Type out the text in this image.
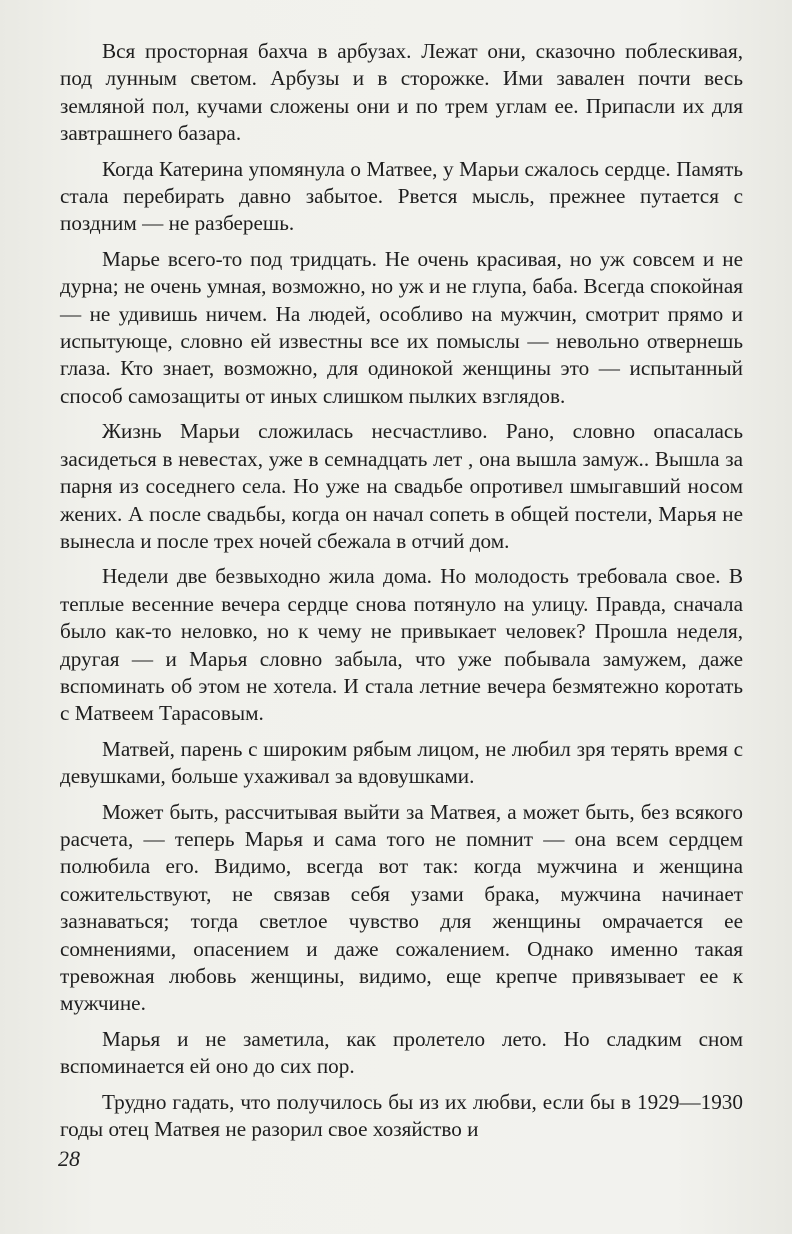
Вся просторная бахча в арбузах. Лежат они, сказочно поблескивая, под лунным светом. Арбузы и в сторожке. Ими завален почти весь земляной пол, кучами сложены они и по трем углам ее. Припасли их для завтрашнего базара.

Когда Катерина упомянула о Матвее, у Марьи сжалось сердце. Память стала перебирать давно забытое. Рвется мысль, прежнее путается с поздним — не разберешь.

Марье всего-то под тридцать. Не очень красивая, но уж совсем и не дурна; не очень умная, возможно, но уж и не глупа, баба. Всегда спокойная — не удивишь ничем. На людей, особливо на мужчин, смотрит прямо и испытующе, словно ей известны все их помыслы — невольно отвернешь глаза. Кто знает, возможно, для одинокой женщины это — испытанный способ самозащиты от иных слишком пылких взглядов.

Жизнь Марьи сложилась несчастливо. Рано, словно опасалась засидеться в невестах, уже в семнадцать лет , она вышла замуж.. Вышла за парня из соседнего села. Но уже на свадьбе опротивел шмыгавший носом жених. А после свадьбы, когда он начал сопеть в общей постели, Марья не вынесла и после трех ночей сбежала в отчий дом.

Недели две безвыходно жила дома. Но молодость требовала свое. В теплые весенние вечера сердце снова потянуло на улицу. Правда, сначала было как-то неловко, но к чему не привыкает человек? Прошла неделя, другая — и Марья словно забыла, что уже побывала замужем, даже вспоминать об этом не хотела. И стала летние вечера безмятежно коротать с Матвеем Тарасовым.

Матвей, парень с широким рябым лицом, не любил зря терять время с девушками, больше ухаживал за вдовушками.

Может быть, рассчитывая выйти за Матвея, а может быть, без всякого расчета, — теперь Марья и сама того не помнит — она всем сердцем полюбила его. Видимо, всегда вот так: когда мужчина и женщина сожительствуют, не связав себя узами брака, мужчина начинает зазнаваться; тогда светлое чувство для женщины омрачается ее сомнениями, опасением и даже сожалением. Однако именно такая тревожная любовь женщины, видимо, еще крепче привязывает ее к мужчине.

Марья и не заметила, как пролетело лето. Но сладким сном вспоминается ей оно до сих пор.

Трудно гадать, что получилось бы из их любви, если бы в 1929—1930 годы отец Матвея не разорил свое хозяйство и

28
